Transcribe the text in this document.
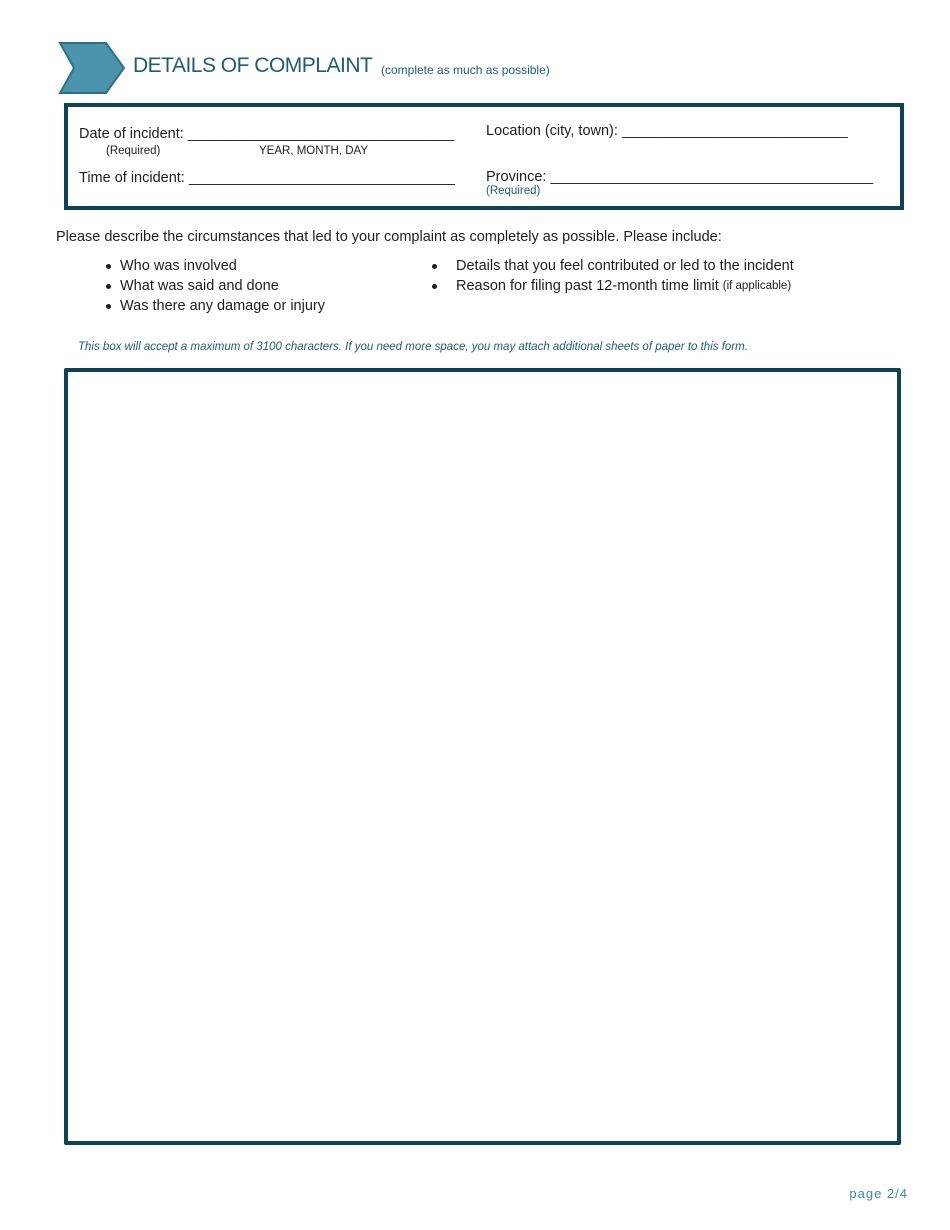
DETAILS OF COMPLAINT (complete as much as possible)
Date of incident: _________________________________
(Required)	YEAR, MONTH, DAY
Time of incident: _________________________________
Location (city, town): ____________________________
Province: ________________________________________
(Required)
Please describe the circumstances that led to your complaint as completely as possible. Please include:
Who was involved
What was said and done
Was there any damage or injury
Details that you feel contributed or led to the incident
Reason for filing past 12-month time limit
(if applicable)
This box will accept a maximum of 3100 characters. If you need more space, you may attach additional sheets of paper to this form.
page 2/4
